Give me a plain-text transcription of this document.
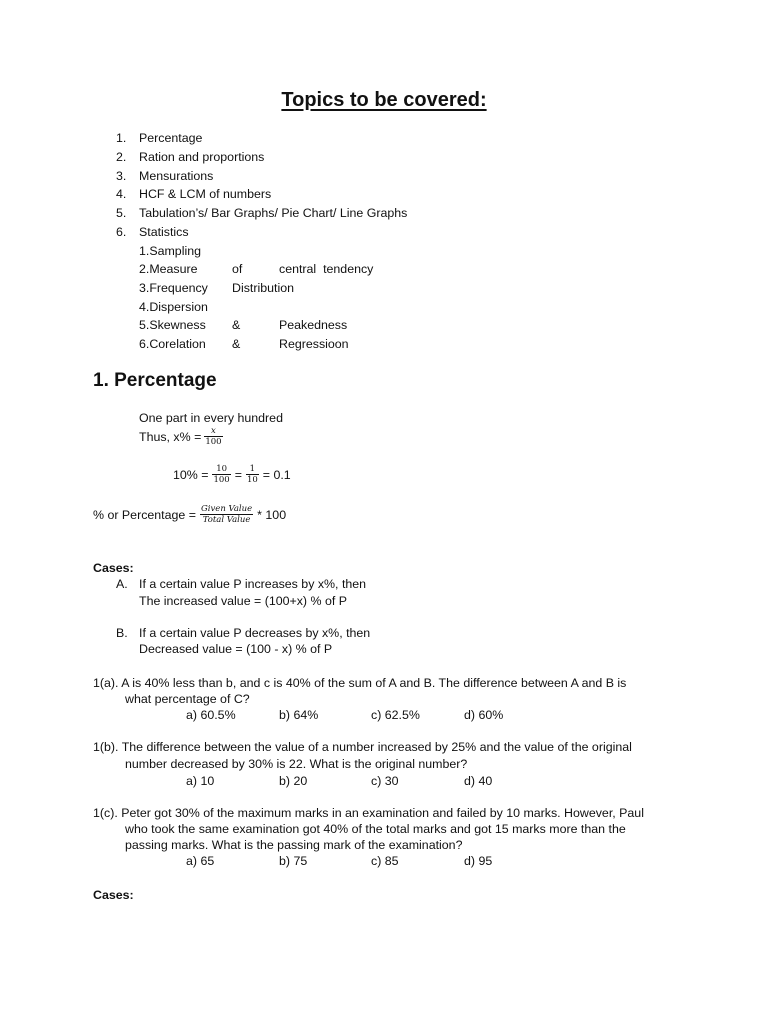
Topics to be covered:
1. Percentage
2. Ration and proportions
3. Mensurations
4. HCF & LCM of numbers
5. Tabulation’s/ Bar Graphs/ Pie Chart/ Line Graphs
6. Statistics
1.Sampling
2.Measure	of	central  tendency
3.Frequency Distribution
4.Dispersion
5.Skewness &	Peakedness
6.Corelation &	Regressioon
1. Percentage
One part in every hundred
Thus, $x\% = \frac{x}{100}$
$10\% = \frac{10}{100} = \frac{1}{10} = 0.1$
% or Percentage = $\frac{\text{Given Value}}{\text{Total Value}} * 100$
Cases:
A. If a certain value P increases by x%, then
The increased value = (100+x) % of P
B. If a certain value P decreases by x%, then
Decreased value = (100 - x) % of P
1(a). A is 40% less than b, and c is 40% of the sum of A and B. The difference between A and B is
what percentage of C?
a) 60.5%	b) 64%	c) 62.5%	d) 60%
1(b). The difference between the value of a number increased by 25% and the value of the original
number decreased by 30% is 22. What is the original number?
a) 10	b) 20	c) 30	d) 40
1(c). Peter got 30% of the maximum marks in an examination and failed by 10 marks. However, Paul
who took the same examination got 40% of the total marks and got 15 marks more than the
passing marks. What is the passing mark of the examination?
a) 65	b) 75	c) 85	d) 95
Cases:
